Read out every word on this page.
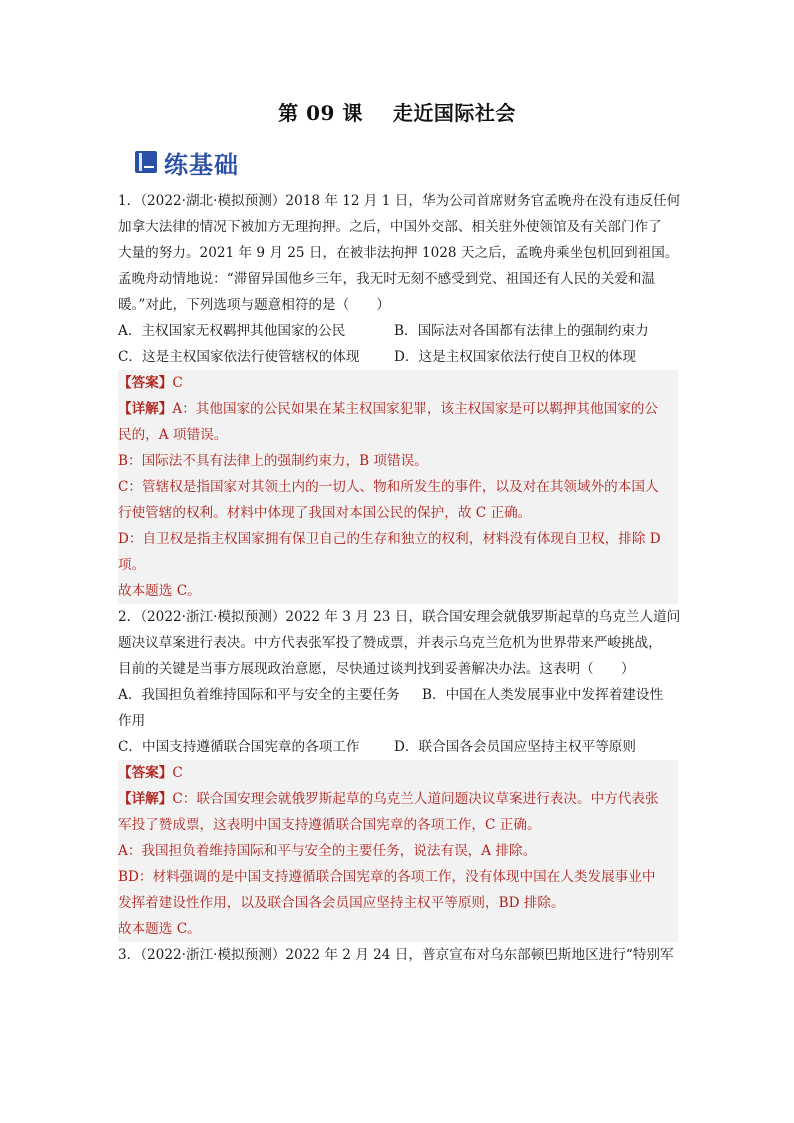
第 09 课 走近国际社会
练基础
1．（2022·湖北·模拟预测）2018 年 12 月 1 日，华为公司首席财务官孟晚舟在没有违反任何
加拿大法律的情况下被加方无理拘押。之后，中国外交部、相关驻外使领馆及有关部门作了
大量的努力。2021 年 9 月 25 日，在被非法拘押 1028 天之后，孟晚舟乘坐包机回到祖国。
孟晚舟动情地说：“滞留异国他乡三年，我无时无刻不感受到党、祖国还有人民的关爱和温
暖。”对此，下列选项与题意相符的是（　　）
A．主权国家无权羁押其他国家的公民	B．国际法对各国都有法律上的强制约束力
C．这是主权国家依法行使管辖权的体现	D．这是主权国家依法行使自卫权的体现
【答案】C
【详解】A：其他国家的公民如果在某主权国家犯罪，该主权国家是可以羁押其他国家的公
民的，A 项错误。
B：国际法不具有法律上的强制约束力，B 项错误。
C：管辖权是指国家对其领土内的一切人、物和所发生的事件，以及对在其领域外的本国人
行使管辖的权利。材料中体现了我国对本国公民的保护，故 C 正确。
D：自卫权是指主权国家拥有保卫自己的生存和独立的权利，材料没有体现自卫权，排除 D
项。
故本题选 C。
2．（2022·浙江·模拟预测）2022 年 3 月 23 日，联合国安理会就俄罗斯起草的乌克兰人道问
题决议草案进行表决。中方代表张军投了赞成票，并表示乌克兰危机为世界带来严峻挑战，
目前的关键是当事方展现政治意愿，尽快通过谈判找到妥善解决办法。这表明（　　）
A．我国担负着维持国际和平与安全的主要任务 B．中国在人类发展事业中发挥着建设性
作用
C．中国支持遵循联合国宪章的各项工作	D．联合国各会员国应坚持主权平等原则
【答案】C
【详解】C：联合国安理会就俄罗斯起草的乌克兰人道问题决议草案进行表决。中方代表张
军投了赞成票，这表明中国支持遵循联合国宪章的各项工作，C 正确。
A：我国担负着维持国际和平与安全的主要任务，说法有误，A 排除。
BD：材料强调的是中国支持遵循联合国宪章的各项工作，没有体现中国在人类发展事业中
发挥着建设性作用，以及联合国各会员国应坚持主权平等原则，BD 排除。
故本题选 C。
3．（2022·浙江·模拟预测）2022 年 2 月 24 日，普京宣布对乌东部顿巴斯地区进行“特别军
